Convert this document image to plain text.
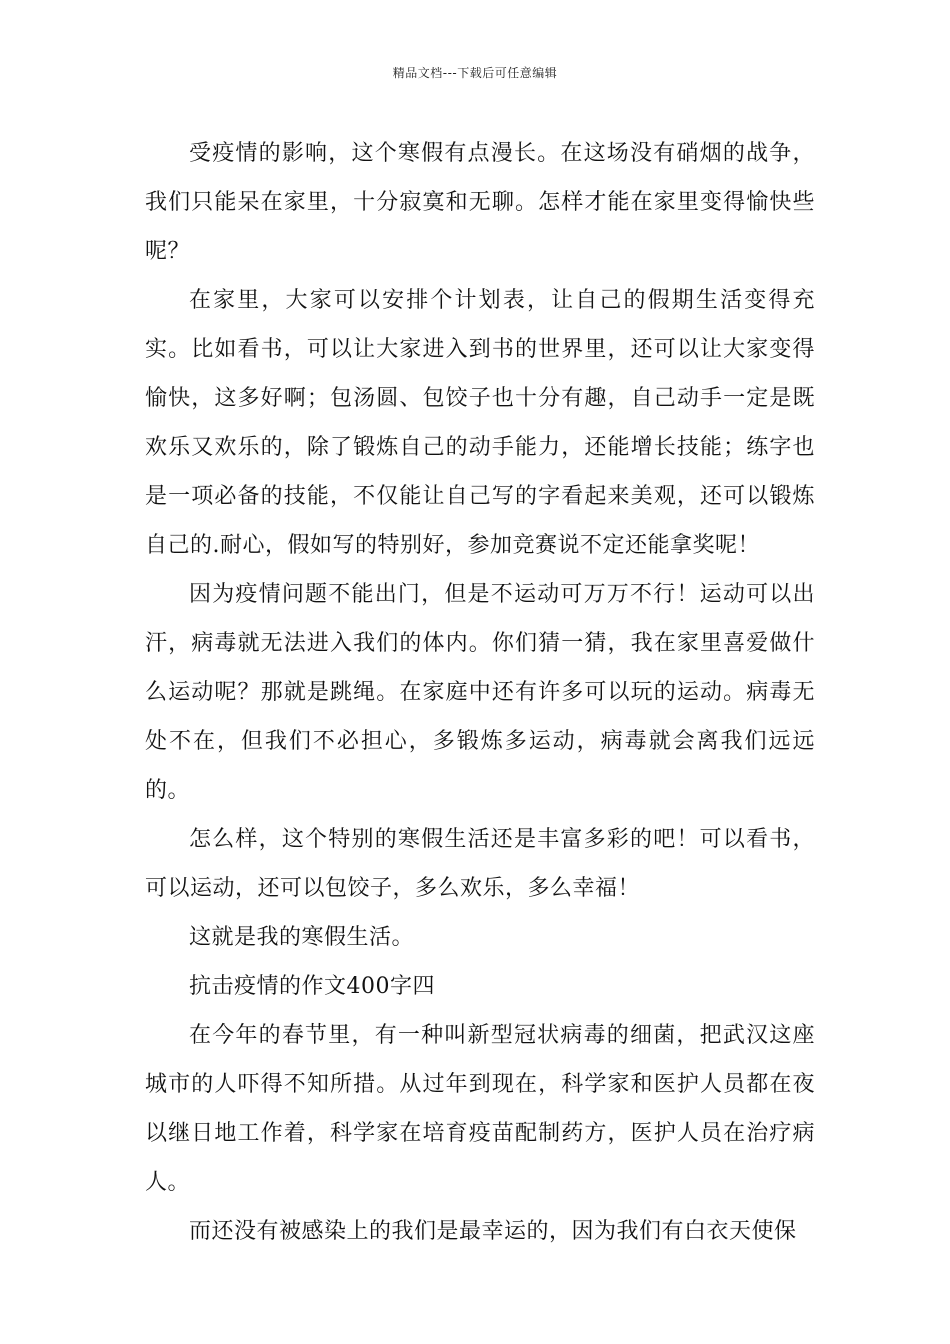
精品文档---下载后可任意编辑

受疫情的影响，这个寒假有点漫长。在这场没有硝烟的战争，我们只能呆在家里，十分寂寞和无聊。怎样才能在家里变得愉快些呢？

在家里，大家可以安排个计划表，让自己的假期生活变得充实。比如看书，可以让大家进入到书的世界里，还可以让大家变得愉快，这多好啊；包汤圆、包饺子也十分有趣，自己动手一定是既欢乐又欢乐的，除了锻炼自己的动手能力，还能增长技能；练字也是一项必备的技能，不仅能让自己写的字看起来美观，还可以锻炼自己的.耐心，假如写的特别好，参加竞赛说不定还能拿奖呢！

因为疫情问题不能出门，但是不运动可万万不行！运动可以出汗，病毒就无法进入我们的体内。你们猜一猜，我在家里喜爱做什么运动呢？那就是跳绳。在家庭中还有许多可以玩的运动。病毒无处不在，但我们不必担心，多锻炼多运动，病毒就会离我们远远的。

怎么样，这个特别的寒假生活还是丰富多彩的吧！可以看书，可以运动，还可以包饺子，多么欢乐，多么幸福！

这就是我的寒假生活。

抗击疫情的作文400字四

在今年的春节里，有一种叫新型冠状病毒的细菌，把武汉这座城市的人吓得不知所措。从过年到现在，科学家和医护人员都在夜以继日地工作着，科学家在培育疫苗配制药方，医护人员在治疗病人。

而还没有被感染上的我们是最幸运的，因为我们有白衣天使保
